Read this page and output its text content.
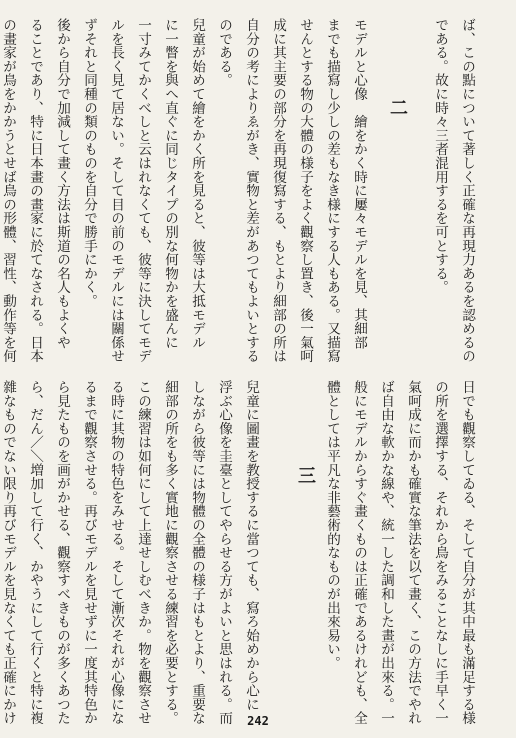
ば、この點について著しく正確な再現力あるを認めるの
である。故に時々三者混用するを可とする。

モデルと心像　繪をかく時に屢々モデルを見、其細部
までも描寫し少しの差もなき様にする人もある。又描寫
せんとする物の大體の様子をよく觀察し置き、後一氣呵
成に其主要の部分を再現復寫する、もとより細部の所は
自分の考によりゑがき、實物と差があつてもよいとする
のである。
兒童が始めて繪をかく所を見ると、彼等は大抵モデル
に一瞥を與へ直ぐに同じタイプの別な何物かを盛んに
一寸みてかくべしと云はれなくても、彼等に決してモデ
ルを長く見て居ない。そして目の前のモデルには關係せ
ずそれと同種の類のものを自分で勝手にかく。
後から自分で加減して畫く方法は斯道の名人もよくや
ることであり、特に日本畫の畫家に於てなされる。日本
の畫家が鳥をかかうとせば鳥の形體、習性、動作等を何	二
日でも觀察してゐる、そして自分が其中最も滿足する様
の所を選擇する、それから鳥をみることなしに手早く一
氣呵成に而かも確實な筆法を以て畫く、この方法でやれ
ば自由な軟かな線や、統一した調和した畫が出來る。一
般にモデルからすぐ畫くものは正確であるけれども、全
體としては平凡な非藝術的なものが出來易い。

兒童に圖畫を教授するに當つても、寫ろ始めから心に
浮ぶ心像を圭臺としてやらせる方がよいと思はれる。而
しながら彼等には物體の全體の様子はもとより、重要な
細部の所をも多く實地に觀察させる練習を必要とする。
この練習は如何にして上達せしむべきか。物を觀察させ
る時に其物の特色をみせる。そして漸次それが心像にな
るまで觀察させる。再びモデルを見せずに一度其特色か
ら見たものを画がかせる、觀察すべきものが多くあつた
ら、だん／＼増加して行く、かやうにして行くと特に複
雜なものでない限り再びモデルを見なくても正確にかけ	三
242
